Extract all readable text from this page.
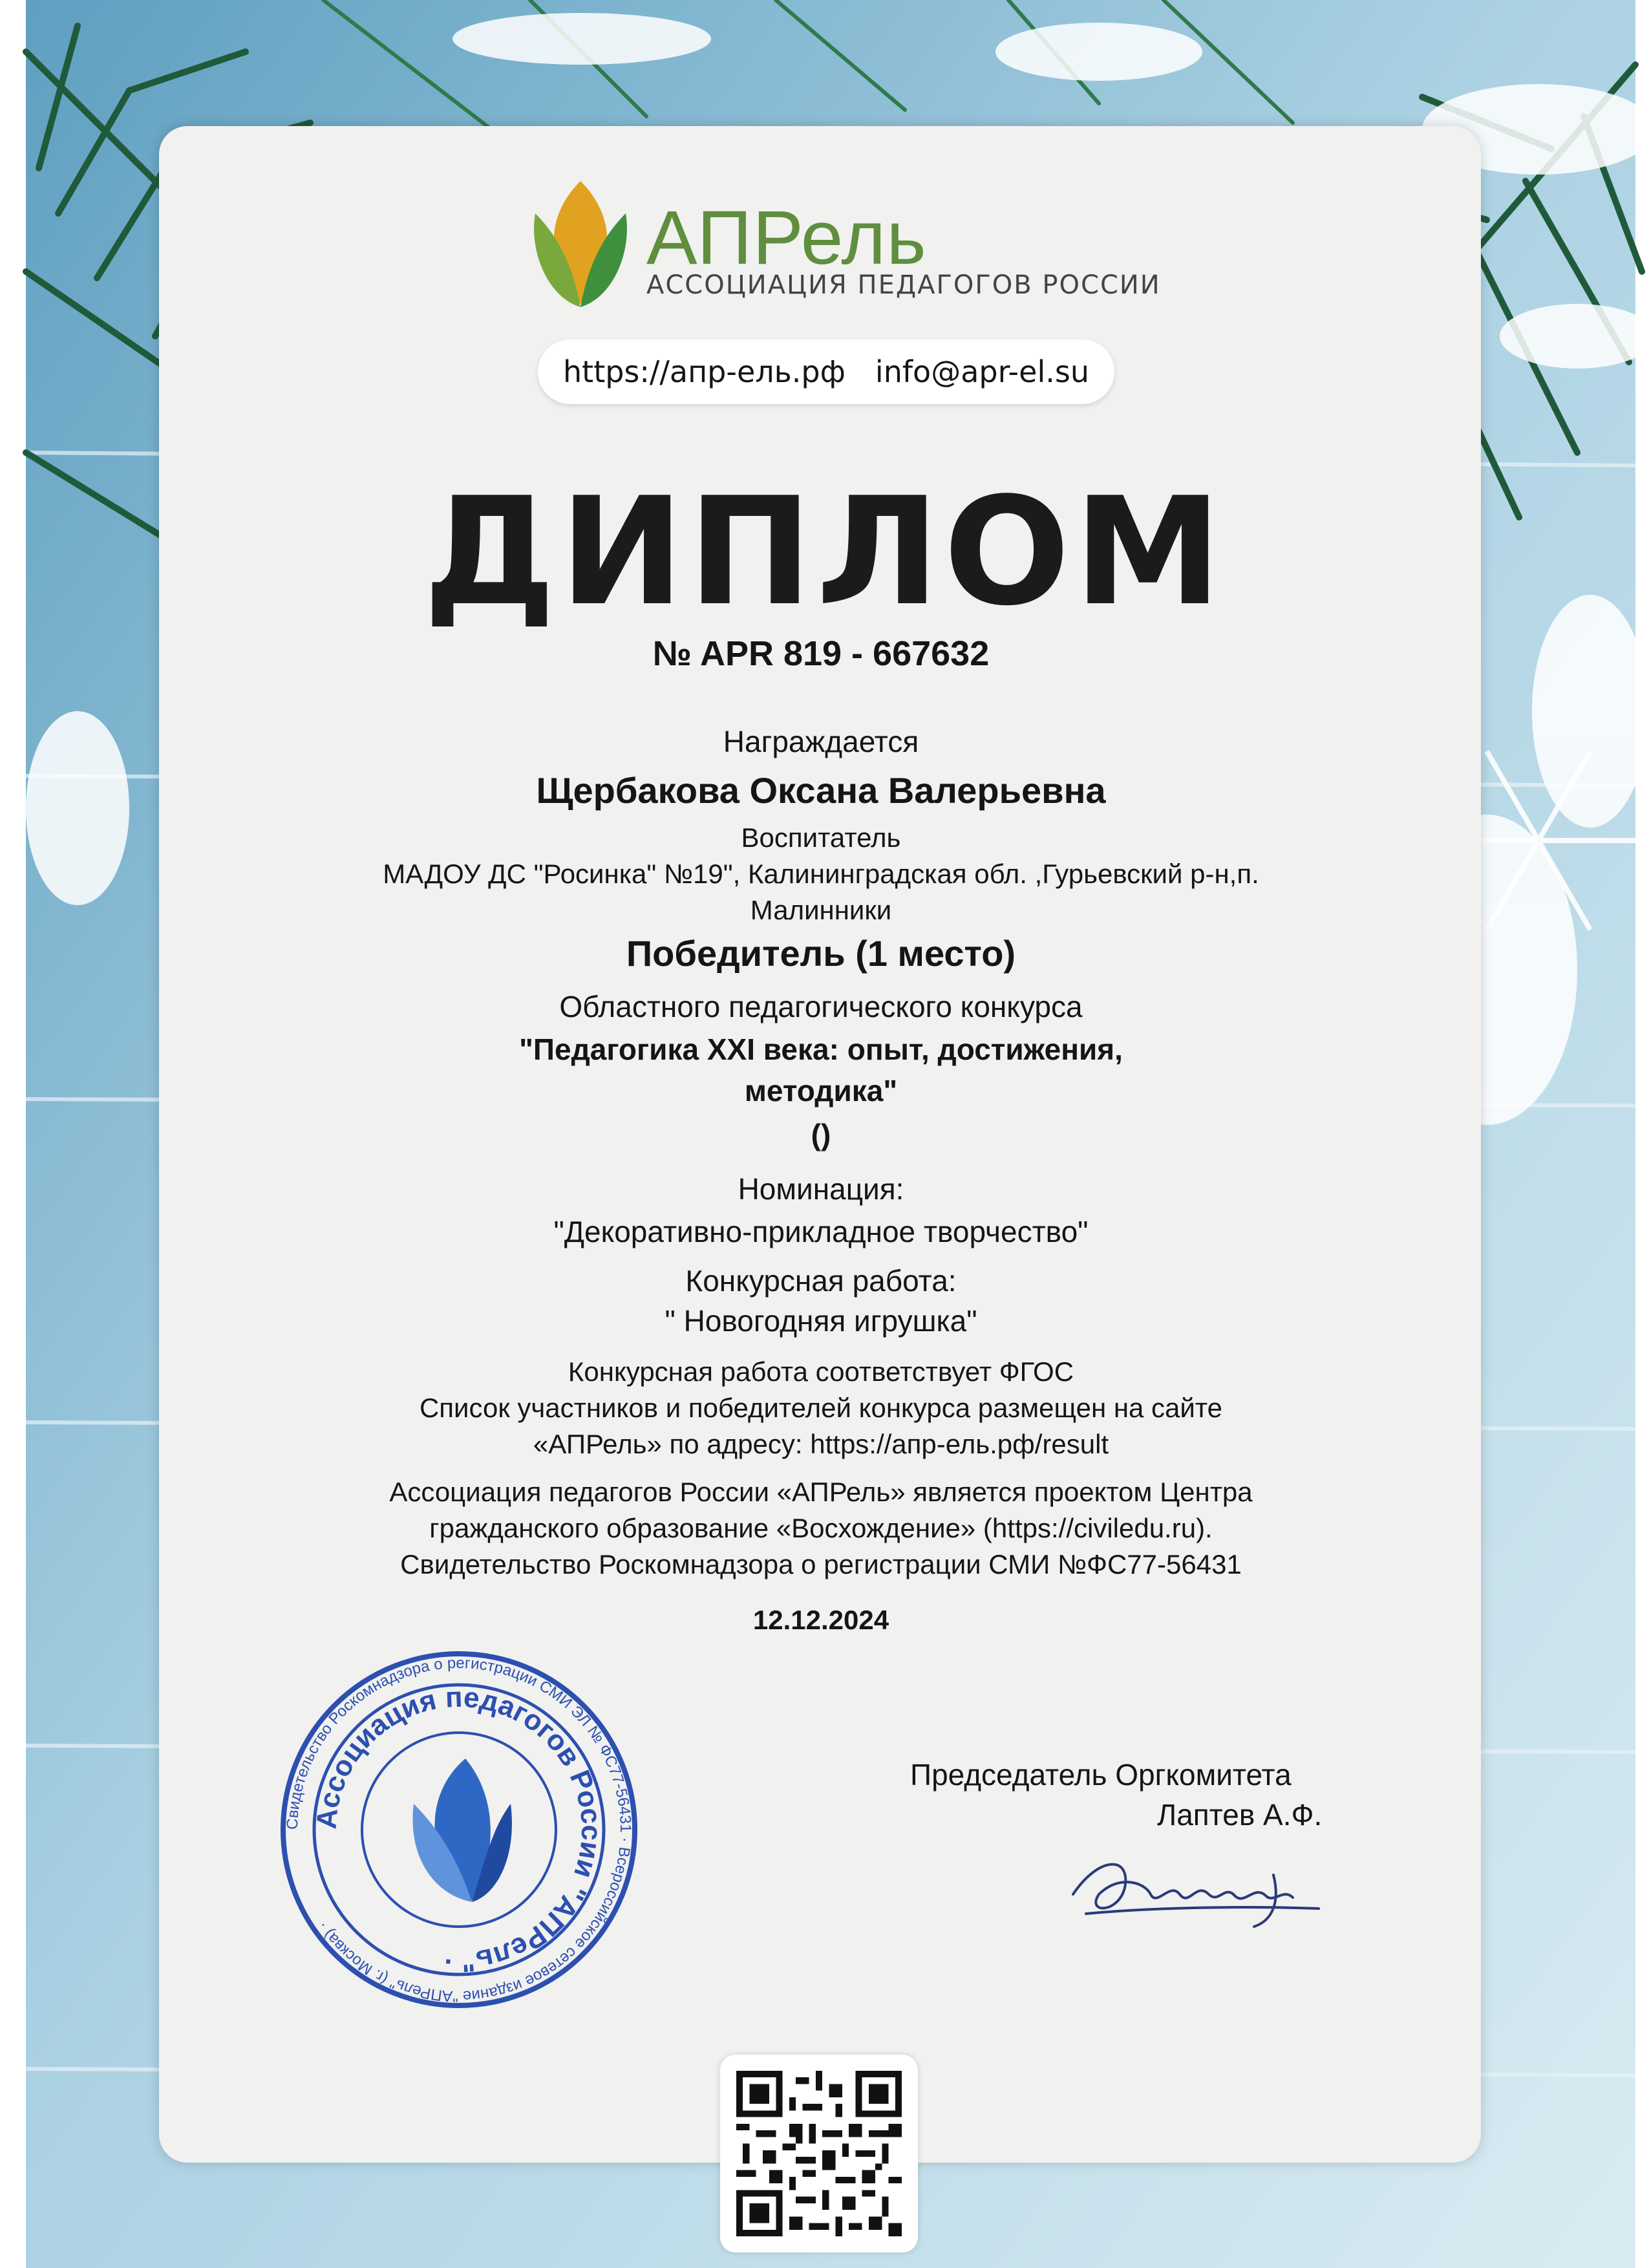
АПРель
АССОЦИАЦИЯ ПЕДАГОГОВ РОССИИ
https://апр-ель.рф info@apr-el.su
ДИПЛОМ
№ APR 819 - 667632
Награждается
Щербакова Оксана Валерьевна
Воспитатель
МАДОУ ДС "Росинка" №19", Калининградская обл. ,Гурьевский р-н,п.
Малинники
Победитель (1 место)
Областного педагогического конкурса
"Педагогика XXI века: опыт, достижения,
методика"
()
Номинация:
"Декоративно-прикладное творчество"
Конкурсная работа:
" Новогодняя игрушка"
Конкурсная работа соответствует ФГОС
Список участников и победителей конкурса размещен на сайте
«АПРель» по адресу: https://апр-ель.рф/result
Ассоциация педагогов России «АПРель» является проектом Центра
гражданского образование «Восхождение» (https://civiledu.ru).
Свидетельство Роскомнадзора о регистрации СМИ №ФС77-56431
12.12.2024
Свидетельство Роскомнадзора о регистрации СМИ ЭЛ № ФС77-56431 · Всероссийское сетевое издание "АПРель" (г. Москва) ·
Ассоциация педагогов России "АПРель" ·
Председатель Оргкомитета
Лаптев А.Ф.
